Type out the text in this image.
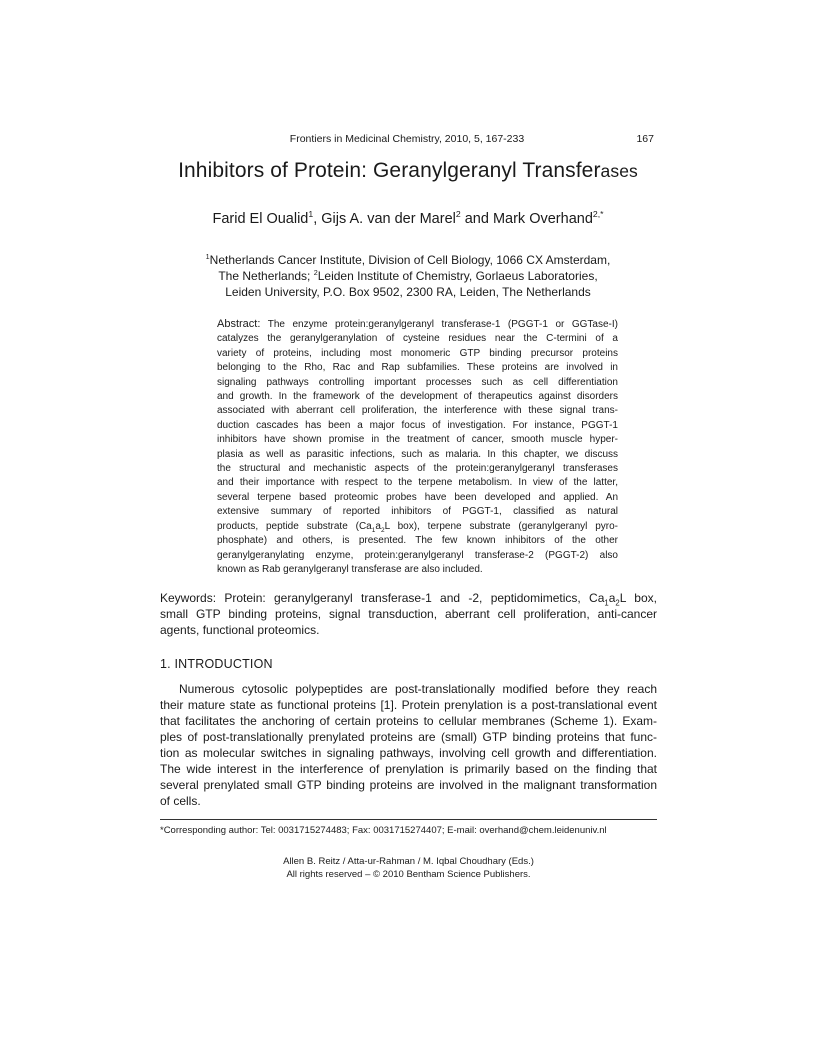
Frontiers in Medicinal Chemistry, 2010, 5, 167-233	167
Inhibitors of Protein: Geranylgeranyl Transferases
Farid El Oualid$^1$, Gijs A. van der Marel$^2$ and Mark Overhand$^{2,*}$
$^1$Netherlands Cancer Institute, Division of Cell Biology, 1066 CX Amsterdam,
The Netherlands; $^2$Leiden Institute of Chemistry, Gorlaeus Laboratories,
Leiden University, P.O. Box 9502, 2300 RA, Leiden, The Netherlands
Abstract: The enzyme protein:geranylgeranyl transferase-1 (PGGT-1 or GGTase-I)
catalyzes the geranylgeranylation of cysteine residues near the C-termini of a
variety of proteins, including most monomeric GTP binding precursor proteins
belonging to the Rho, Rac and Rap subfamilies. These proteins are involved in
signaling pathways controlling important processes such as cell differentiation
and growth. In the framework of the development of therapeutics against disorders
associated with aberrant cell proliferation, the interference with these signal trans-
duction cascades has been a major focus of investigation. For instance, PGGT-1
inhibitors have shown promise in the treatment of cancer, smooth muscle hyper-
plasia as well as parasitic infections, such as malaria. In this chapter, we discuss
the structural and mechanistic aspects of the protein:geranylgeranyl transferases
and their importance with respect to the terpene metabolism. In view of the latter,
several terpene based proteomic probes have been developed and applied. An
extensive summary of reported inhibitors of PGGT-1, classified as natural
products, peptide substrate ($Ca_1a_2L$ box), terpene substrate (geranylgeranyl pyro-
phosphate) and others, is presented. The few known inhibitors of the other
geranylgeranylating enzyme, protein:geranylgeranyl transferase-2 (PGGT-2) also
known as Rab geranylgeranyl transferase are also included.
Keywords: Protein: geranylgeranyl transferase-1 and -2, peptidomimetics, $Ca_1a_2L$ box,
small GTP binding proteins, signal transduction, aberrant cell proliferation, anti-cancer
agents, functional proteomics.
1. INTRODUCTION
Numerous cytosolic polypeptides are post-translationally modified before they reach
their mature state as functional proteins [1]. Protein prenylation is a post-translational event
that facilitates the anchoring of certain proteins to cellular membranes (Scheme 1). Exam-
ples of post-translationally prenylated proteins are (small) GTP binding proteins that func-
tion as molecular switches in signaling pathways, involving cell growth and differentiation.
The wide interest in the interference of prenylation is primarily based on the finding that
several prenylated small GTP binding proteins are involved in the malignant transformation
of cells.
*Corresponding author: Tel: 0031715274483; Fax: 0031715274407; E-mail: overhand@chem.leidenuniv.nl
Allen B. Reitz / Atta-ur-Rahman / M. Iqbal Choudhary (Eds.)
All rights reserved – © 2010 Bentham Science Publishers.
